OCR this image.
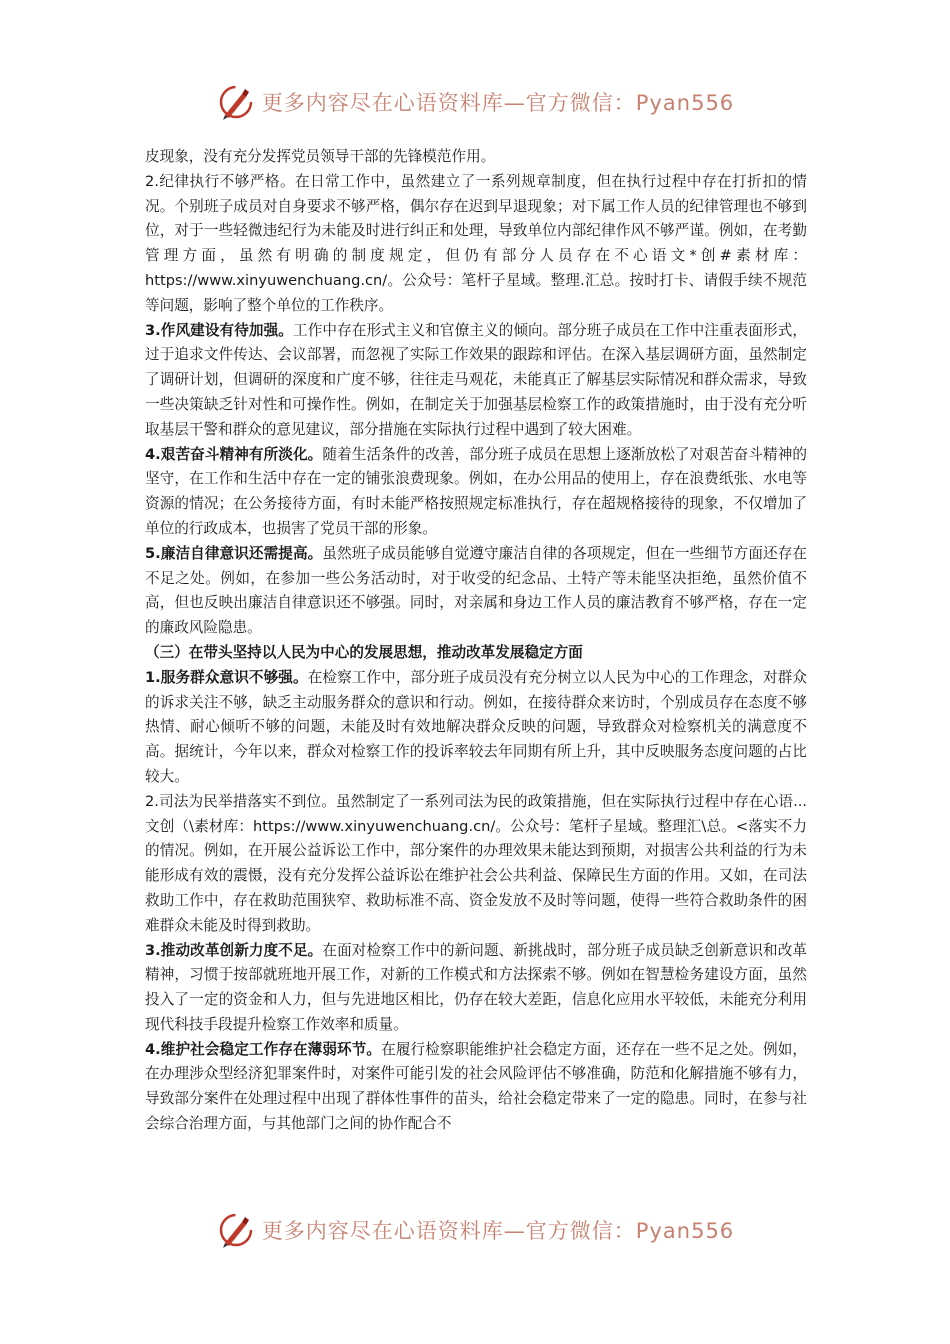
更多内容尽在心语资料库—官方微信：Pyan556

皮现象，没有充分发挥党员领导干部的先锋模范作用。

2.纪律执行不够严格。在日常工作中，虽然建立了一系列规章制度，但在执行过程中存在打折扣的情况。个别班子成员对自身要求不够严格，偶尔存在迟到早退现象；对下属工作人员的纪律管理也不够到位，对于一些轻微违纪行为未能及时进行纠正和处理，导致单位内部纪律作风不够严谨。例如，在考勤管理方面，虽然有明确的制度规定，但仍有部分人员存在不心语文*创#素材库：https://www.xinyuwenchuang.cn/。公众号：笔杆子星域。整理.汇总。按时打卡、请假手续不规范等问题，影响了整个单位的工作秩序。

3.作风建设有待加强。工作中存在形式主义和官僚主义的倾向。部分班子成员在工作中注重表面形式，过于追求文件传达、会议部署，而忽视了实际工作效果的跟踪和评估。在深入基层调研方面，虽然制定了调研计划，但调研的深度和广度不够，往往走马观花，未能真正了解基层实际情况和群众需求，导致一些决策缺乏针对性和可操作性。例如，在制定关于加强基层检察工作的政策措施时，由于没有充分听取基层干警和群众的意见建议，部分措施在实际执行过程中遇到了较大困难。

4.艰苦奋斗精神有所淡化。随着生活条件的改善，部分班子成员在思想上逐渐放松了对艰苦奋斗精神的坚守，在工作和生活中存在一定的铺张浪费现象。例如，在办公用品的使用上，存在浪费纸张、水电等资源的情况；在公务接待方面，有时未能严格按照规定标准执行，存在超规格接待的现象，不仅增加了单位的行政成本，也损害了党员干部的形象。

5.廉洁自律意识还需提高。虽然班子成员能够自觉遵守廉洁自律的各项规定，但在一些细节方面还存在不足之处。例如，在参加一些公务活动时，对于收受的纪念品、土特产等未能坚决拒绝，虽然价值不高，但也反映出廉洁自律意识还不够强。同时，对亲属和身边工作人员的廉洁教育不够严格，存在一定的廉政风险隐患。

（三）在带头坚持以人民为中心的发展思想，推动改革发展稳定方面

1.服务群众意识不够强。在检察工作中，部分班子成员没有充分树立以人民为中心的工作理念，对群众的诉求关注不够，缺乏主动服务群众的意识和行动。例如，在接待群众来访时，个别成员存在态度不够热情、耐心倾听不够的问题，未能及时有效地解决群众反映的问题，导致群众对检察机关的满意度不高。据统计，今年以来，群众对检察工作的投诉率较去年同期有所上升，其中反映服务态度问题的占比较大。

2.司法为民举措落实不到位。虽然制定了一系列司法为民的政策措施，但在实际执行过程中存在心语...文创（\素材库：https://www.xinyuwenchuang.cn/。公众号：笔杆子星域。整理汇\总。<落实不力的情况。例如，在开展公益诉讼工作中，部分案件的办理效果未能达到预期，对损害公共利益的行为未能形成有效的震慑，没有充分发挥公益诉讼在维护社会公共利益、保障民生方面的作用。又如，在司法救助工作中，存在救助范围狭窄、救助标准不高、资金发放不及时等问题，使得一些符合救助条件的困难群众未能及时得到救助。

3.推动改革创新力度不足。在面对检察工作中的新问题、新挑战时，部分班子成员缺乏创新意识和改革精神，习惯于按部就班地开展工作，对新的工作模式和方法探索不够。例如在智慧检务建设方面，虽然投入了一定的资金和人力，但与先进地区相比，仍存在较大差距，信息化应用水平较低，未能充分利用现代科技手段提升检察工作效率和质量。

4.维护社会稳定工作存在薄弱环节。在履行检察职能维护社会稳定方面，还存在一些不足之处。例如，在办理涉众型经济犯罪案件时，对案件可能引发的社会风险评估不够准确，防范和化解措施不够有力，导致部分案件在处理过程中出现了群体性事件的苗头，给社会稳定带来了一定的隐患。同时，在参与社会综合治理方面，与其他部门之间的协作配合不

更多内容尽在心语资料库—官方微信：Pyan556
